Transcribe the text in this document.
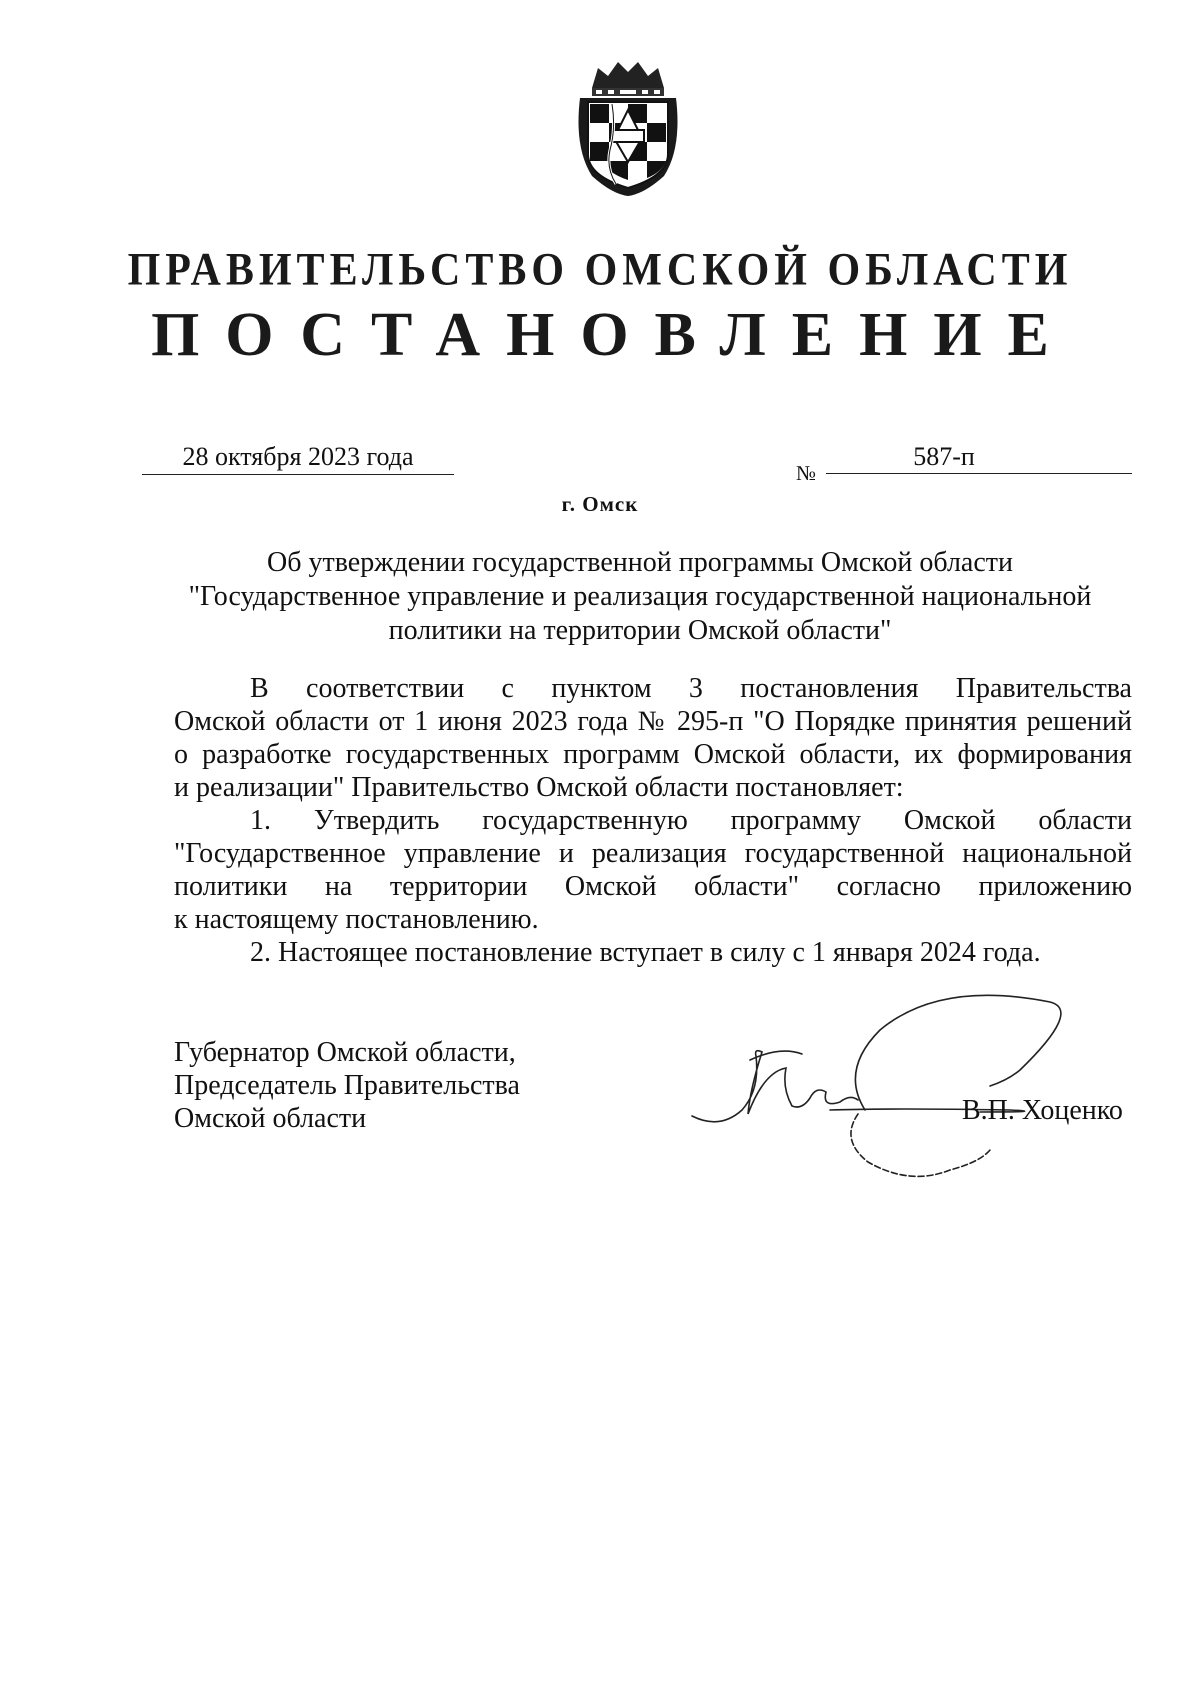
ПРАВИТЕЛЬСТВО ОМСКОЙ ОБЛАСТИ
ПОСТАНОВЛЕНИЕ
28 октября 2023 года
№
587-п
г. Омск
Об утверждении государственной программы Омской области
"Государственное управление и реализация государственной национальной
политики на территории Омской области"

В соответствии с пунктом 3 постановления Правительства

Омской области от 1 июня 2023 года № 295-п "О Порядке принятия решений

о разработке государственных программ Омской области, их формирования

и реализации" Правительство Омской области постановляет:

1. Утвердить государственную программу Омской области

"Государственное управление и реализация государственной национальной

политики на территории Омской области" согласно приложению

к настоящему постановлению.

2. Настоящее постановление вступает в силу с 1 января 2024 года.

Губернатор Омской области,
Председатель Правительства
Омской области	В.П. Хоценко
